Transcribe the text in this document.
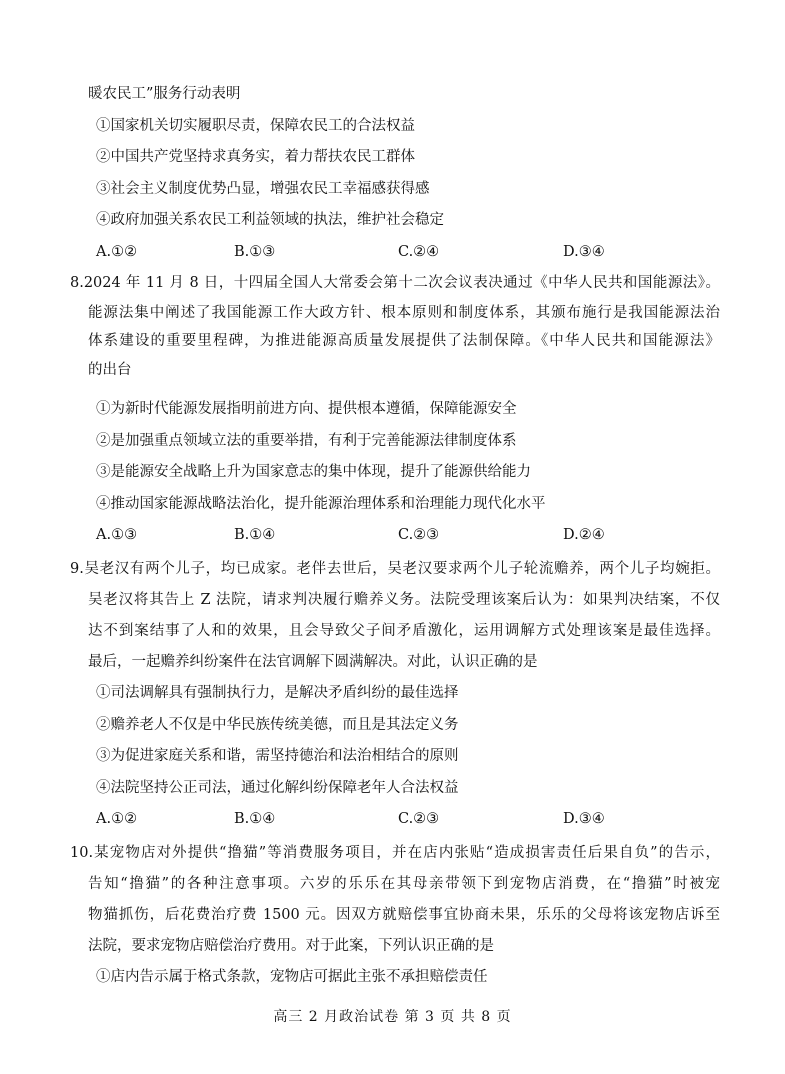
暖农民工”服务行动表明
①国家机关切实履职尽责，保障农民工的合法权益
②中国共产党坚持求真务实，着力帮扶农民工群体
③社会主义制度优势凸显，增强农民工幸福感获得感
④政府加强关系农民工利益领域的执法，维护社会稳定
A.①②	B.①③	C.②④	D.③④
8.2024 年 11 月 8 日，十四届全国人大常委会第十二次会议表决通过《中华人民共和国能源法》。
能源法集中阐述了我国能源工作大政方针、根本原则和制度体系，其颁布施行是我国能源法治
体系建设的重要里程碑，为推进能源高质量发展提供了法制保障。《中华人民共和国能源法》
的出台
①为新时代能源发展指明前进方向、提供根本遵循，保障能源安全
②是加强重点领域立法的重要举措，有利于完善能源法律制度体系
③是能源安全战略上升为国家意志的集中体现，提升了能源供给能力
④推动国家能源战略法治化，提升能源治理体系和治理能力现代化水平
A.①③	B.①④	C.②③	D.②④
9.吴老汉有两个儿子，均已成家。老伴去世后，吴老汉要求两个儿子轮流赡养，两个儿子均婉拒。
吴老汉将其告上 Z 法院，请求判决履行赡养义务。法院受理该案后认为：如果判决结案，不仅
达不到案结事了人和的效果，且会导致父子间矛盾激化，运用调解方式处理该案是最佳选择。
最后，一起赡养纠纷案件在法官调解下圆满解决。对此，认识正确的是
①司法调解具有强制执行力，是解决矛盾纠纷的最佳选择
②赡养老人不仅是中华民族传统美德，而且是其法定义务
③为促进家庭关系和谐，需坚持德治和法治相结合的原则
④法院坚持公正司法，通过化解纠纷保障老年人合法权益
A.①②	B.①④	C.②③	D.③④
10.某宠物店对外提供“撸猫”等消费服务项目，并在店内张贴“造成损害责任后果自负”的告示，
告知“撸猫”的各种注意事项。六岁的乐乐在其母亲带领下到宠物店消费，在“撸猫”时被宠
物猫抓伤，后花费治疗费 1500 元。因双方就赔偿事宜协商未果，乐乐的父母将该宠物店诉至
法院，要求宠物店赔偿治疗费用。对于此案，下列认识正确的是
①店内告示属于格式条款，宠物店可据此主张不承担赔偿责任
高三 2 月政治试卷 第 3 页 共 8 页
